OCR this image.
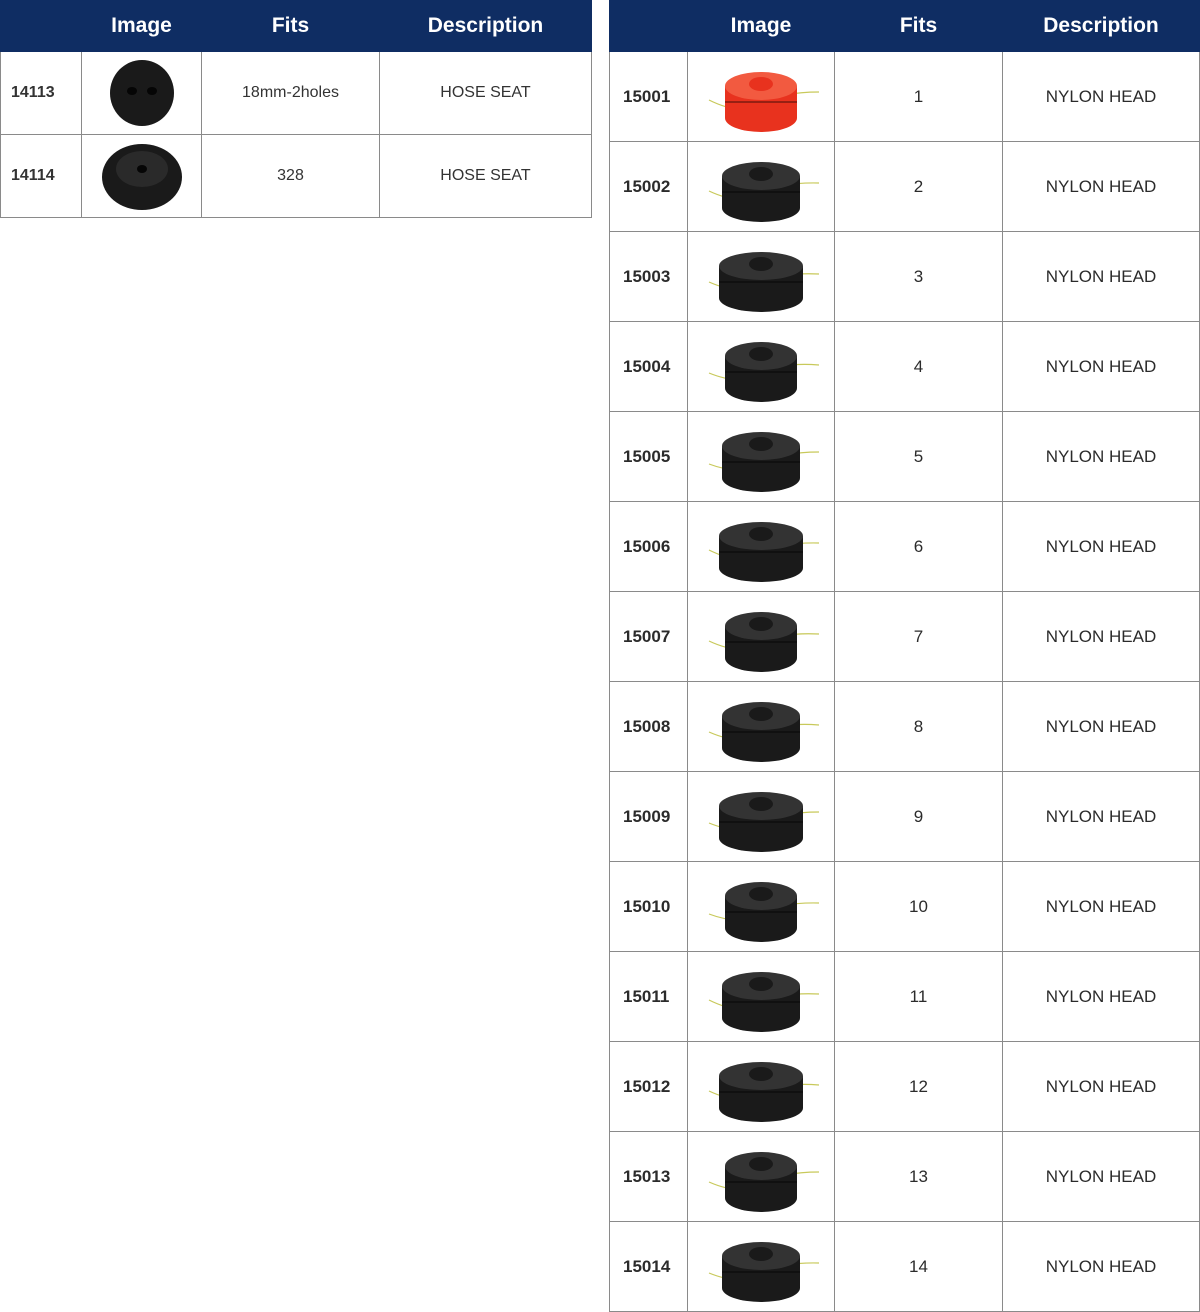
	Image	Fits	Description
14113		18mm-2holes	HOSE SEAT
14114		328	HOSE SEAT
	Image	Fits	Description
15001		1	NYLON HEAD
15002		2	NYLON HEAD
15003		3	NYLON HEAD
15004		4	NYLON HEAD
15005		5	NYLON HEAD
15006		6	NYLON HEAD
15007		7	NYLON HEAD
15008		8	NYLON HEAD
15009		9	NYLON HEAD
15010		10	NYLON HEAD
15011		11	NYLON HEAD
15012		12	NYLON HEAD
15013		13	NYLON HEAD
15014		14	NYLON HEAD
